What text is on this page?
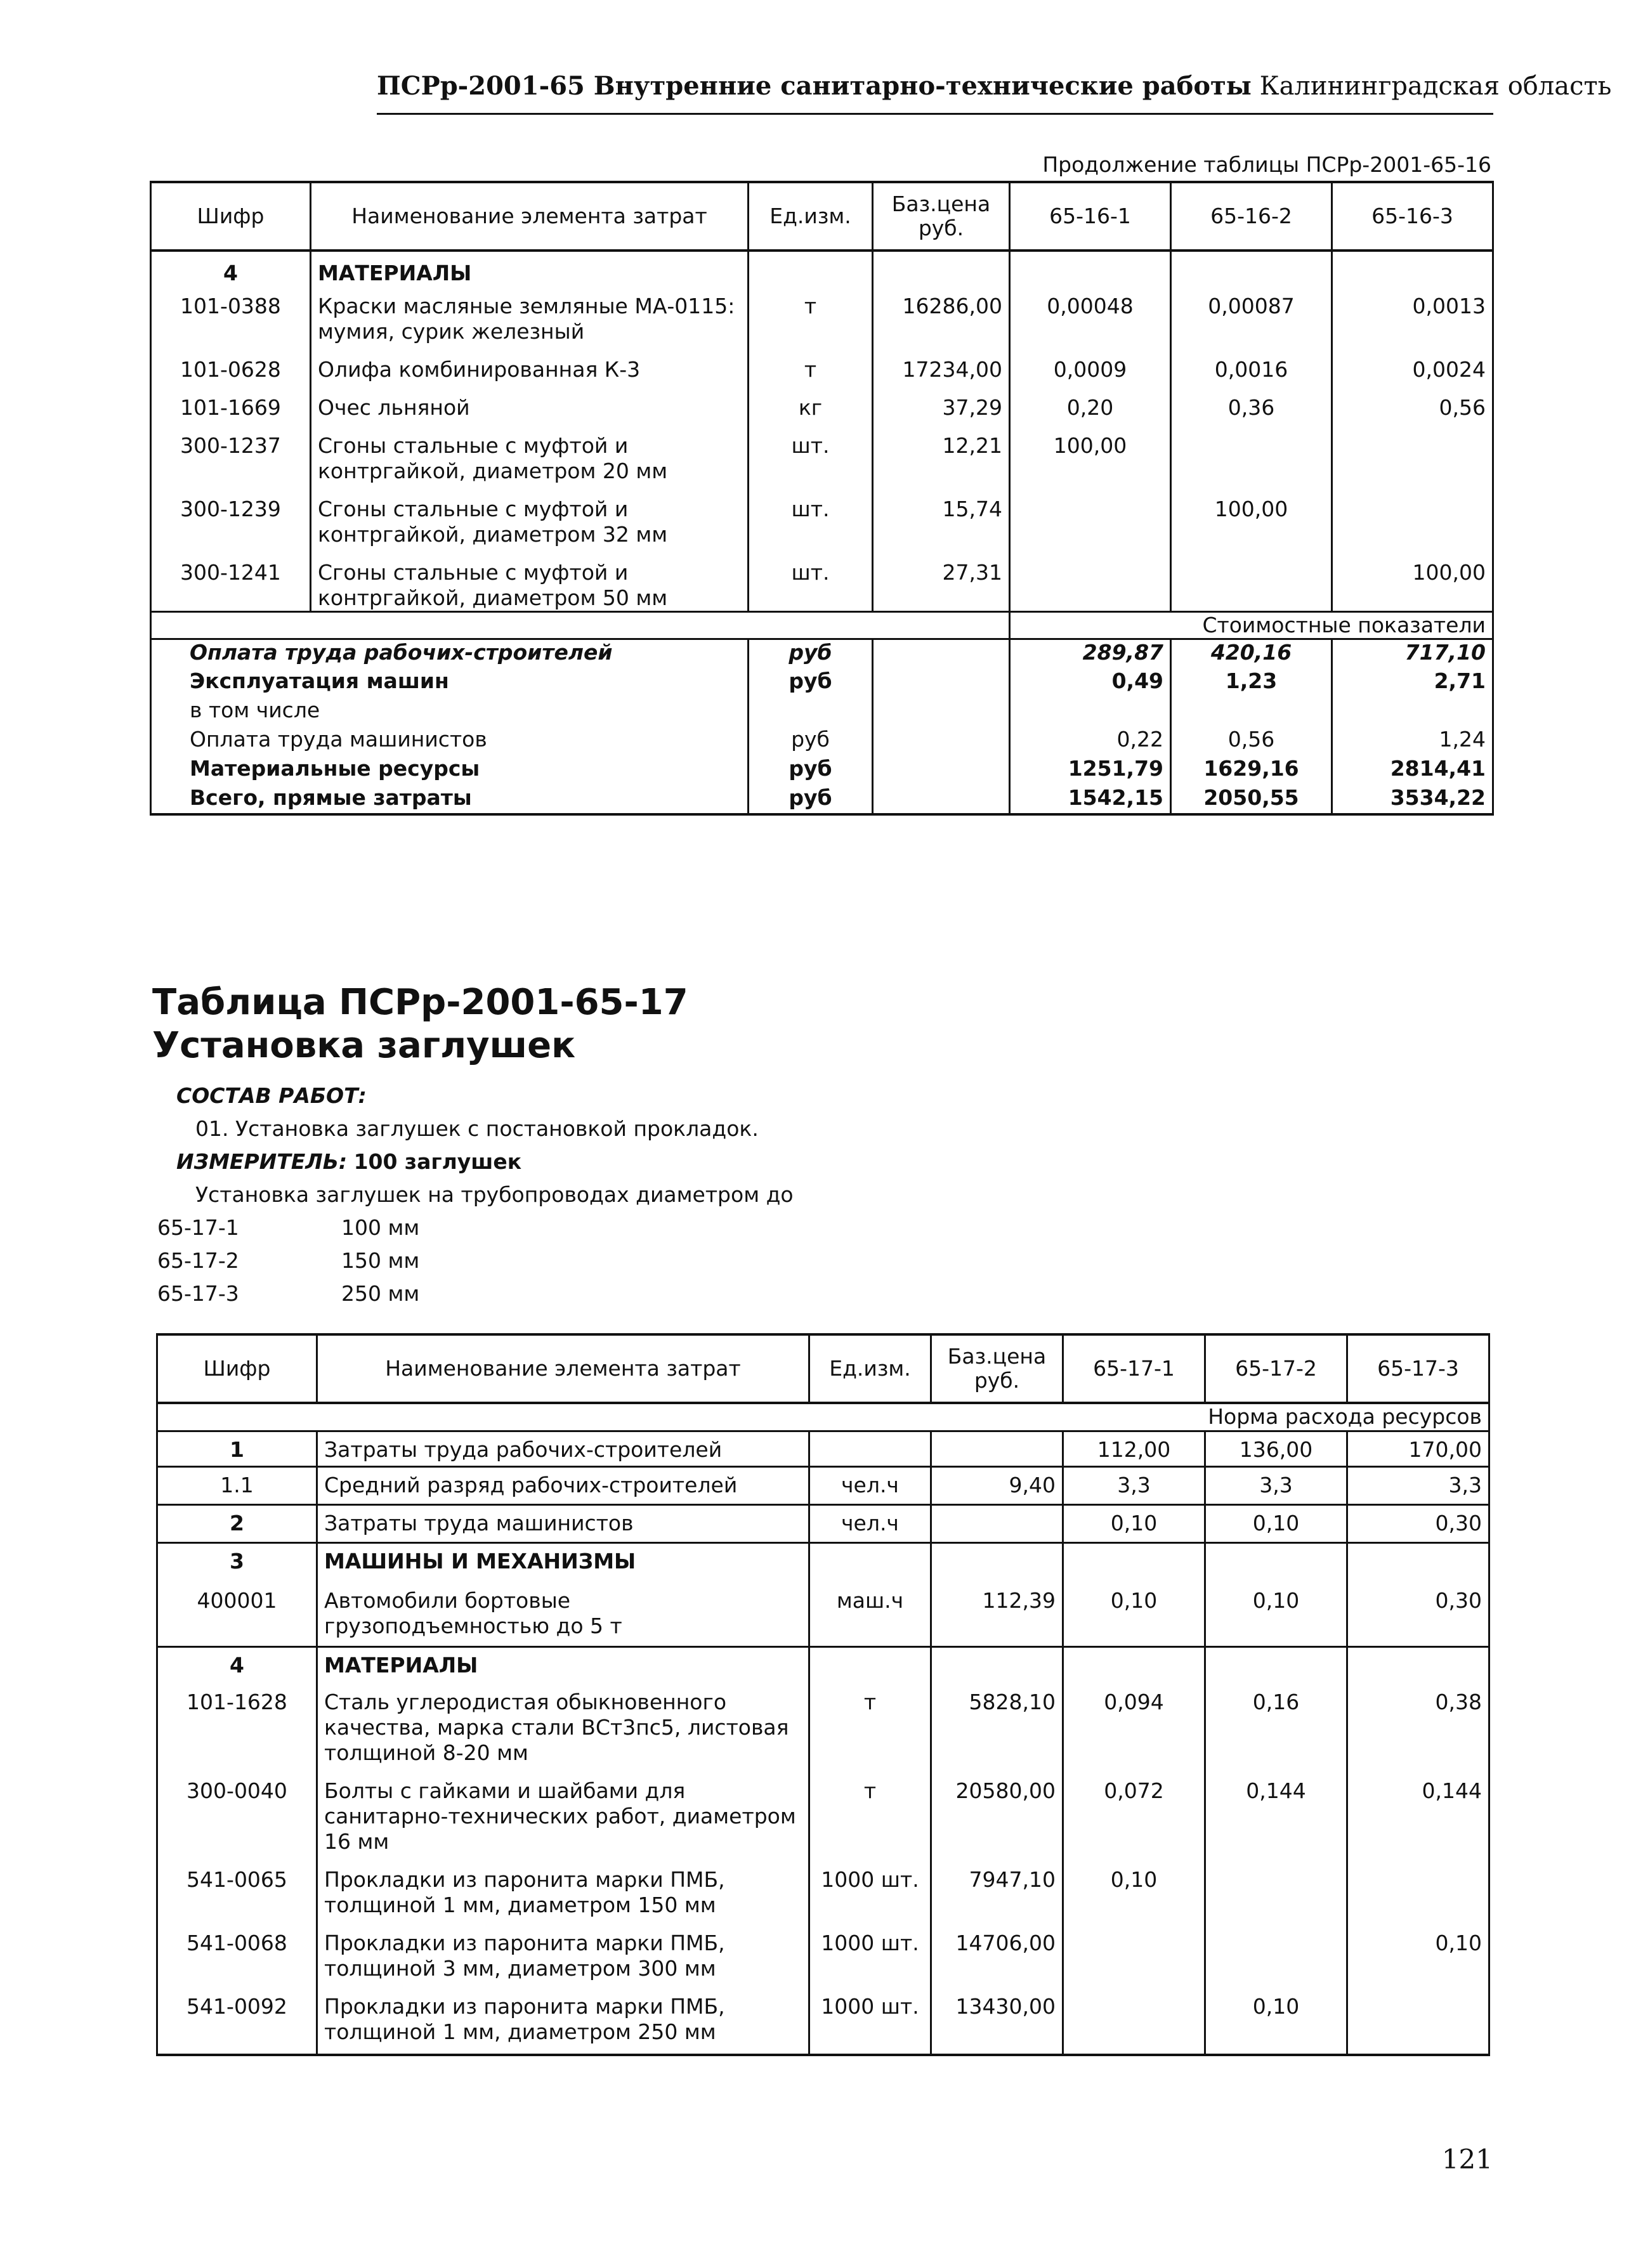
ПСРр-2001-65 Внутренние санитарно-технические работы Калининградская область
Продолжение таблицы ПСРр-2001-65-16
Шифр	Наименование элемента затрат	Ед.изм.	Баз.цена руб.	65-16-1	65-16-2	65-16-3
4	МАТЕРИАЛЫ					
101-0388	Краски масляные земляные МА-0115: мумия, сурик железный	т	16286,00	0,00048	0,00087	0,0013
101-0628	Олифа комбинированная К-3	т	17234,00	0,0009	0,0016	0,0024
101-1669	Очес льняной	кг	37,29	0,20	0,36	0,56
300-1237	Сгоны стальные с муфтой и контргайкой, диаметром 20 мм	шт.	12,21	100,00		
300-1239	Сгоны стальные с муфтой и контргайкой, диаметром 32 мм	шт.	15,74		100,00	
300-1241	Сгоны стальные с муфтой и контргайкой, диаметром 50 мм	шт.	27,31			100,00
				Стоимостные показатели		
Оплата труда рабочих-строителей		руб		289,87	420,16	717,10
Эксплуатация машин		руб		0,49	1,23	2,71
в том числе						
Оплата труда машинистов		руб		0,22	0,56	1,24
Материальные ресурсы		руб		1251,79	1629,16	2814,41
Всего, прямые затраты		руб		1542,15	2050,55	3534,22
Таблица ПСРр-2001-65-17
Установка заглушек
СОСТАВ РАБОТ:
01. Установка заглушек с постановкой прокладок.
ИЗМЕРИТЕЛЬ: 100 заглушек
Установка заглушек на трубопроводах диаметром до
65-17-1	100 мм
65-17-2	150 мм
65-17-3	250 мм
Шифр	Наименование элемента затрат	Ед.изм.	Баз.цена руб.	65-17-1	65-17-2	65-17-3
Норма расхода ресурсов						
1	Затраты труда рабочих-строителей			112,00	136,00	170,00
1.1	Средний разряд рабочих-строителей	чел.ч	9,40	3,3	3,3	3,3
2	Затраты труда машинистов	чел.ч		0,10	0,10	0,30
3	МАШИНЫ И МЕХАНИЗМЫ					
400001	Автомобили бортовые грузоподъемностью до 5 т	маш.ч	112,39	0,10	0,10	0,30
4	МАТЕРИАЛЫ					
101-1628	Сталь углеродистая обыкновенного качества, марка стали ВСт3пс5, листовая толщиной 8-20 мм	т	5828,10	0,094	0,16	0,38
300-0040	Болты с гайками и шайбами для санитарно-технических работ, диаметром 16 мм	т	20580,00	0,072	0,144	0,144
541-0065	Прокладки из паронита марки ПМБ, толщиной 1 мм, диаметром 150 мм	1000 шт.	7947,10	0,10		
541-0068	Прокладки из паронита марки ПМБ, толщиной 3 мм, диаметром 300 мм	1000 шт.	14706,00			0,10
541-0092	Прокладки из паронита марки ПМБ, толщиной 1 мм, диаметром 250 мм	1000 шт.	13430,00		0,10	
121
